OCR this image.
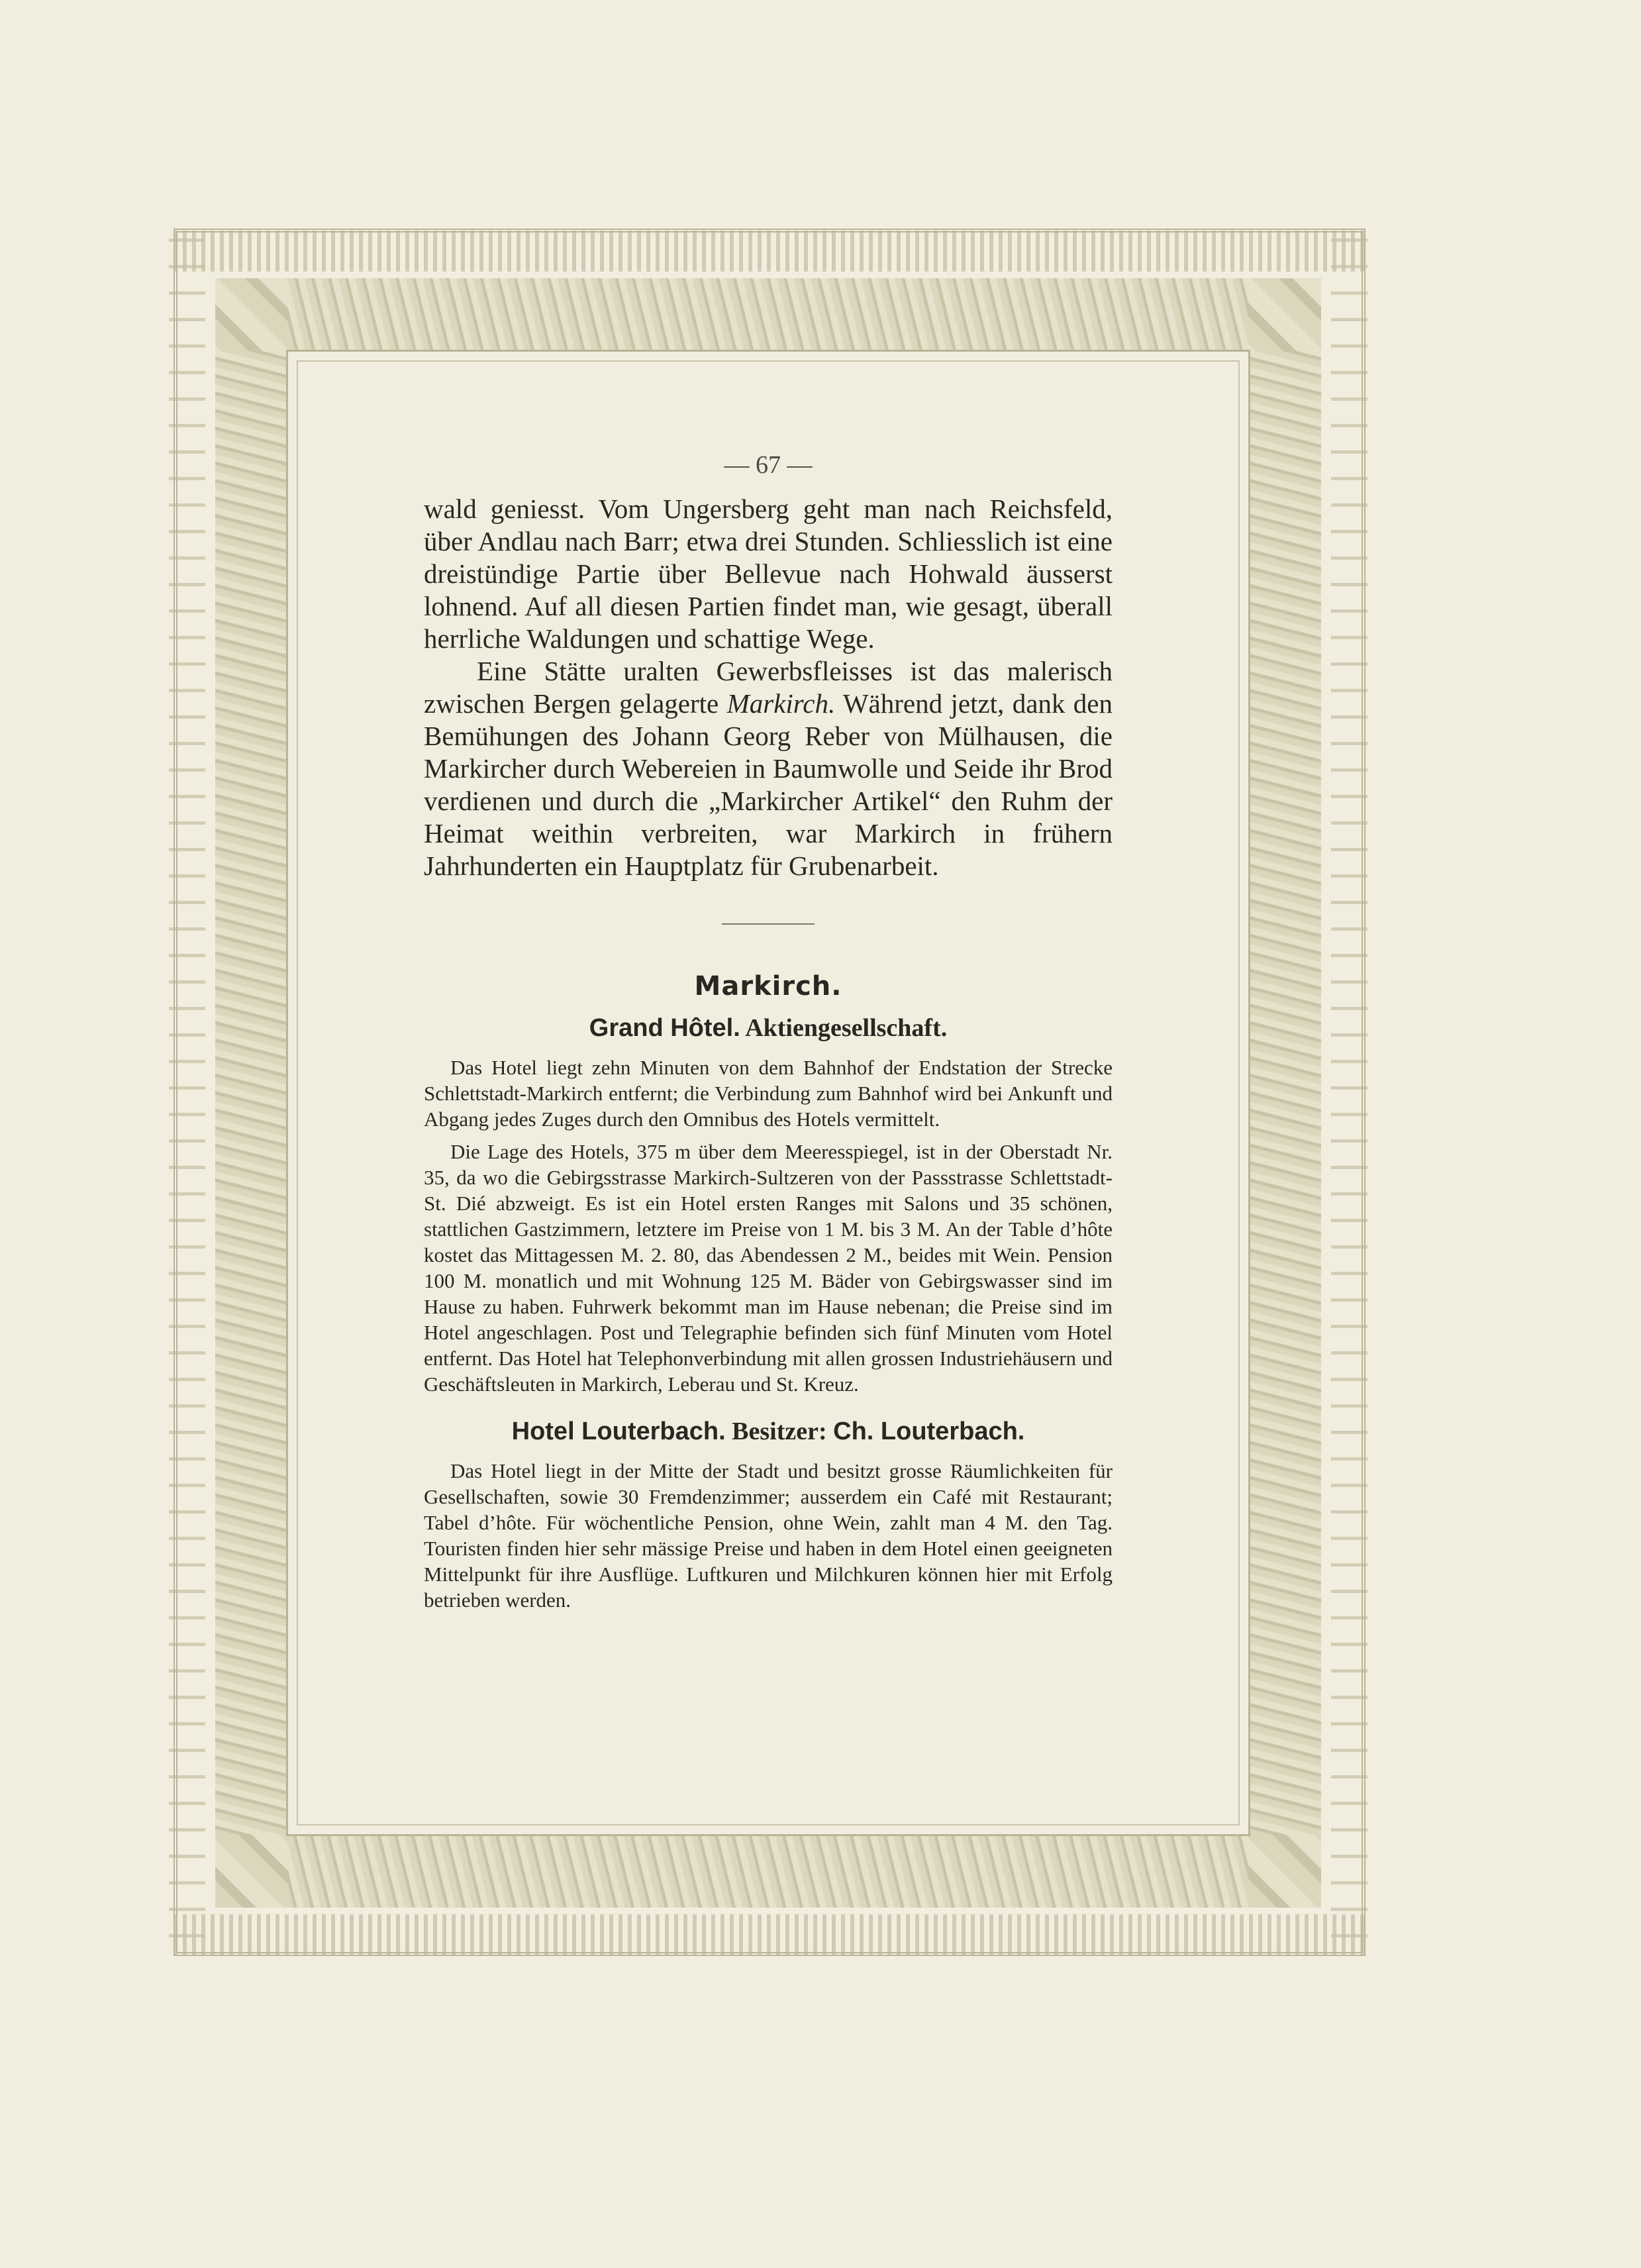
— 67 —

wald geniesst. Vom Ungersberg geht man nach Reichsfeld, über Andlau nach Barr; etwa drei Stunden. Schliesslich ist eine dreistündige Partie über Bellevue nach Hohwald äusserst lohnend. Auf all diesen Partien findet man, wie gesagt, überall herrliche Waldungen und schattige Wege.

Eine Stätte uralten Gewerbsfleisses ist das malerisch zwischen Bergen gelagerte Markirch. Während jetzt, dank den Bemühungen des Johann Georg Reber von Mülhausen, die Markircher durch Webereien in Baumwolle und Seide ihr Brod verdienen und durch die „Markircher Artikel“ den Ruhm der Heimat weithin verbreiten, war Markirch in frühern Jahrhunderten ein Hauptplatz für Grubenarbeit.

Markirch.
Grand Hôtel. Aktiengesellschaft.

Das Hotel liegt zehn Minuten von dem Bahnhof der Endstation der Strecke Schlettstadt-Markirch entfernt; die Verbindung zum Bahnhof wird bei Ankunft und Abgang jedes Zuges durch den Omnibus des Hotels vermittelt.

Die Lage des Hotels, 375 m über dem Meeresspiegel, ist in der Oberstadt Nr. 35, da wo die Gebirgsstrasse Markirch-Sultzeren von der Passstrasse Schlettstadt-St. Dié abzweigt. Es ist ein Hotel ersten Ranges mit Salons und 35 schönen, stattlichen Gastzimmern, letztere im Preise von 1 M. bis 3 M. An der Table d’hôte kostet das Mittagessen M. 2. 80, das Abendessen 2 M., beides mit Wein. Pension 100 M. monatlich und mit Wohnung 125 M. Bäder von Gebirgswasser sind im Hause zu haben. Fuhrwerk bekommt man im Hause nebenan; die Preise sind im Hotel angeschlagen. Post und Telegraphie befinden sich fünf Minuten vom Hotel entfernt. Das Hotel hat Telephonverbindung mit allen grossen Industriehäusern und Geschäftsleuten in Markirch, Leberau und St. Kreuz.

Hotel Louterbach. Besitzer: Ch. Louterbach.

Das Hotel liegt in der Mitte der Stadt und besitzt grosse Räumlichkeiten für Gesellschaften, sowie 30 Fremdenzimmer; ausserdem ein Café mit Restaurant; Tabel d’hôte. Für wöchentliche Pension, ohne Wein, zahlt man 4 M. den Tag. Touristen finden hier sehr mässige Preise und haben in dem Hotel einen geeigneten Mittelpunkt für ihre Ausflüge. Luftkuren und Milchkuren können hier mit Erfolg betrieben werden.
